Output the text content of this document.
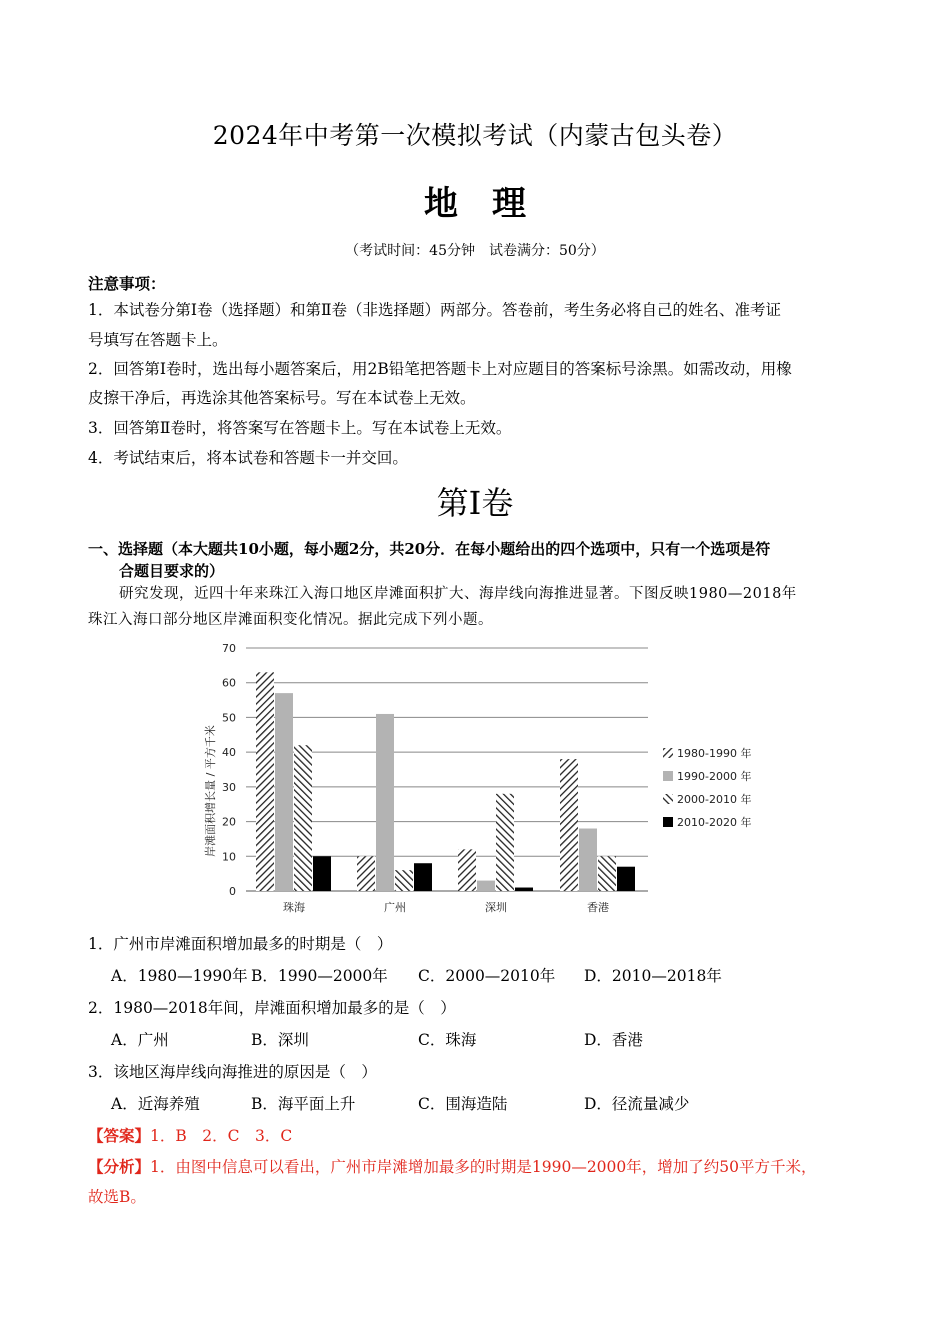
2024年中考第一次模拟考试（内蒙古包头卷）
地 理
（考试时间：45分钟　试卷满分：50分）
注意事项：
1．本试卷分第Ⅰ卷（选择题）和第Ⅱ卷（非选择题）两部分。答卷前，考生务必将自己的姓名、准考证
号填写在答题卡上。
2．回答第Ⅰ卷时，选出每小题答案后，用2B铅笔把答题卡上对应题目的答案标号涂黑。如需改动，用橡
皮擦干净后，再选涂其他答案标号。写在本试卷上无效。
3．回答第Ⅱ卷时，将答案写在答题卡上。写在本试卷上无效。
4．考试结束后，将本试卷和答题卡一并交回。
第Ⅰ卷
一、选择题（本大题共10小题，每小题2分，共20分．在每小题给出的四个选项中，只有一个选项是符
合题目要求的）
研究发现，近四十年来珠江入海口地区岸滩面积扩大、海岸线向海推进显著。下图反映1980—2018年
珠江入海口部分地区岸滩面积变化情况。据此完成下列小题。
0
10
20
30
40
50
60
70
珠海	广州	深圳	香港
岸滩面积增长量 / 平方千米	1980-1990 年
1990-2000 年
2000-2010 年
2010-2020 年
1．广州市岸滩面积增加最多的时期是（　）
A．1980—1990年 B．1990—2000年 C．2000—2010年 D．2010—2018年
2．1980—2018年间，岸滩面积增加最多的是（　）
A．广州	B．深圳	C．珠海	D．香港
3．该地区海岸线向海推进的原因是（　）
A．近海养殖	B．海平面上升	C．围海造陆	D．径流量减少
【答案】1．B　2．C　3．C
【分析】1．由图中信息可以看出，广州市岸滩增加最多的时期是1990—2000年，增加了约50平方千米，
故选B。
